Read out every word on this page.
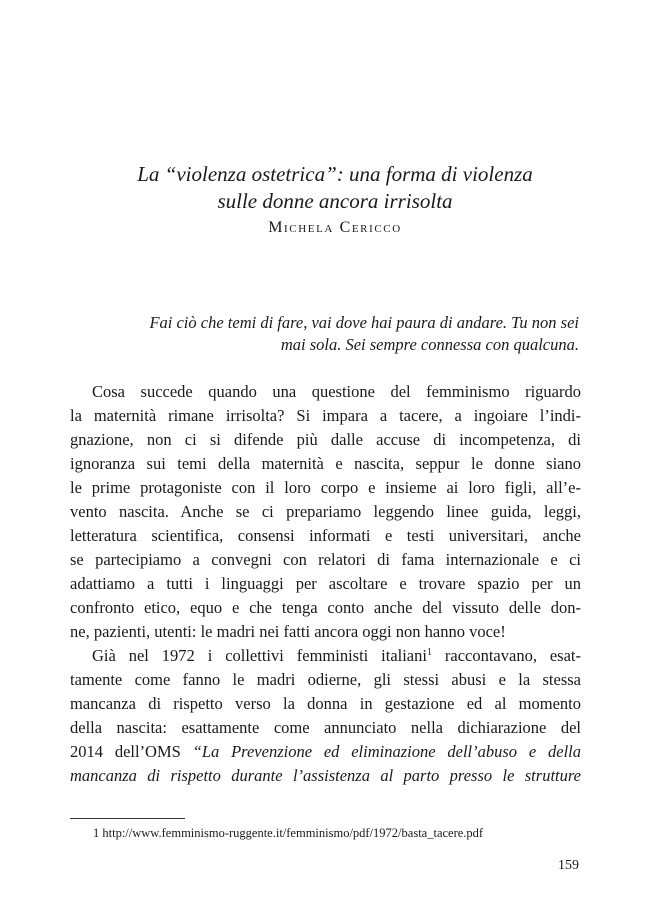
La “violenza ostetrica”: una forma di violenza
sulle donne ancora irrisolta
Michela Cericco
Fai ciò che temi di fare, vai dove hai paura di andare. Tu non sei
mai sola. Sei sempre connessa con qualcuna.
Cosa succede quando una questione del femminismo riguardo
la maternità rimane irrisolta? Si impara a tacere, a ingoiare l’indi-
gnazione, non ci si difende più dalle accuse di incompetenza, di
ignoranza sui temi della maternità e nascita, seppur le donne siano
le prime protagoniste con il loro corpo e insieme ai loro figli, all’e-
vento nascita. Anche se ci prepariamo leggendo linee guida, leggi,
letteratura scientifica, consensi informati e testi universitari, anche
se partecipiamo a convegni con relatori di fama internazionale e ci
adattiamo a tutti i linguaggi per ascoltare e trovare spazio per un
confronto etico, equo e che tenga conto anche del vissuto delle don-
ne, pazienti, utenti: le madri nei fatti ancora oggi non hanno voce!
Già nel 1972 i collettivi femministi italiani$^1$ raccontavano, esat-
tamente come fanno le madri odierne, gli stessi abusi e la stessa
mancanza di rispetto verso la donna in gestazione ed al momento
della nascita: esattamente come annunciato nella dichiarazione del
2014 dell’OMS “La Prevenzione ed eliminazione dell’abuso e della
mancanza di rispetto durante l’assistenza al parto presso le strutture
1 http://www.femminismo-ruggente.it/femminismo/pdf/1972/basta_tacere.pdf
159
